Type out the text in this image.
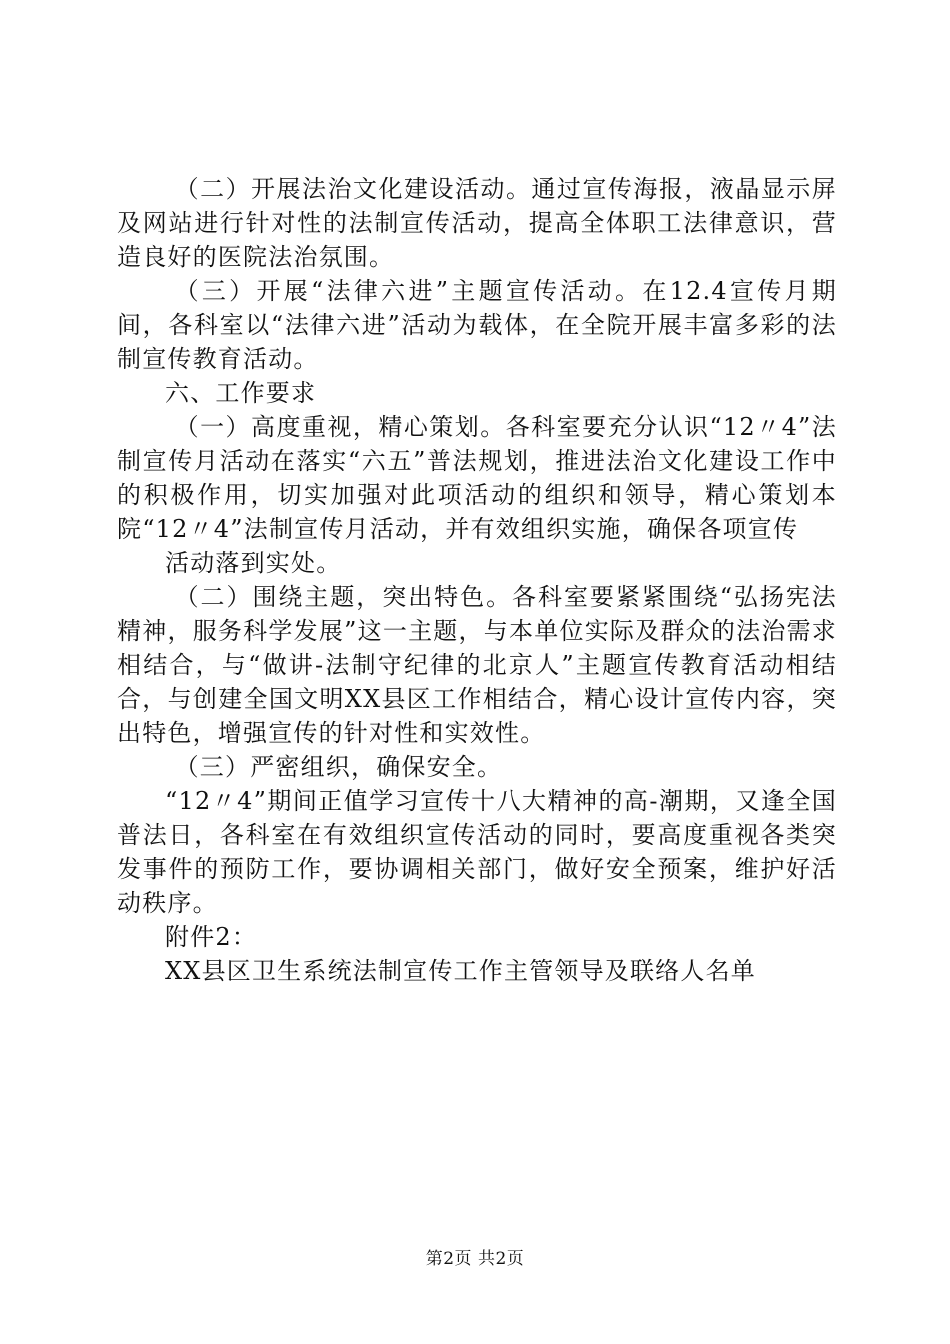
（二）开展法治文化建设活动。通过宣传海报，液晶显示屏及网站进行针对性的法制宣传活动，提高全体职工法律意识，营造良好的医院法治氛围。

（三）开展“法律六进”主题宣传活动。在12.4宣传月期间，各科室以“法律六进”活动为载体，在全院开展丰富多彩的法制宣传教育活动。

六、工作要求

（一）高度重视，精心策划。各科室要充分认识“12〃4”法制宣传月活动在落实“六五”普法规划，推进法治文化建设工作中的积极作用，切实加强对此项活动的组织和领导，精心策划本院“12〃4”法制宣传月活动，并有效组织实施，确保各项宣传

活动落到实处。

（二）围绕主题，突出特色。各科室要紧紧围绕“弘扬宪法精神，服务科学发展”这一主题，与本单位实际及群众的法治需求相结合，与“做讲-法制守纪律的北京人”主题宣传教育活动相结合，与创建全国文明XX县区工作相结合，精心设计宣传内容，突出特色，增强宣传的针对性和实效性。

（三）严密组织，确保安全。

“12〃4”期间正值学习宣传十八大精神的高-潮期，又逢全国普法日，各科室在有效组织宣传活动的同时，要高度重视各类突发事件的预防工作，要协调相关部门，做好安全预案，维护好活动秩序。

附件2：

XX县区卫生系统法制宣传工作主管领导及联络人名单

第2页 共2页
